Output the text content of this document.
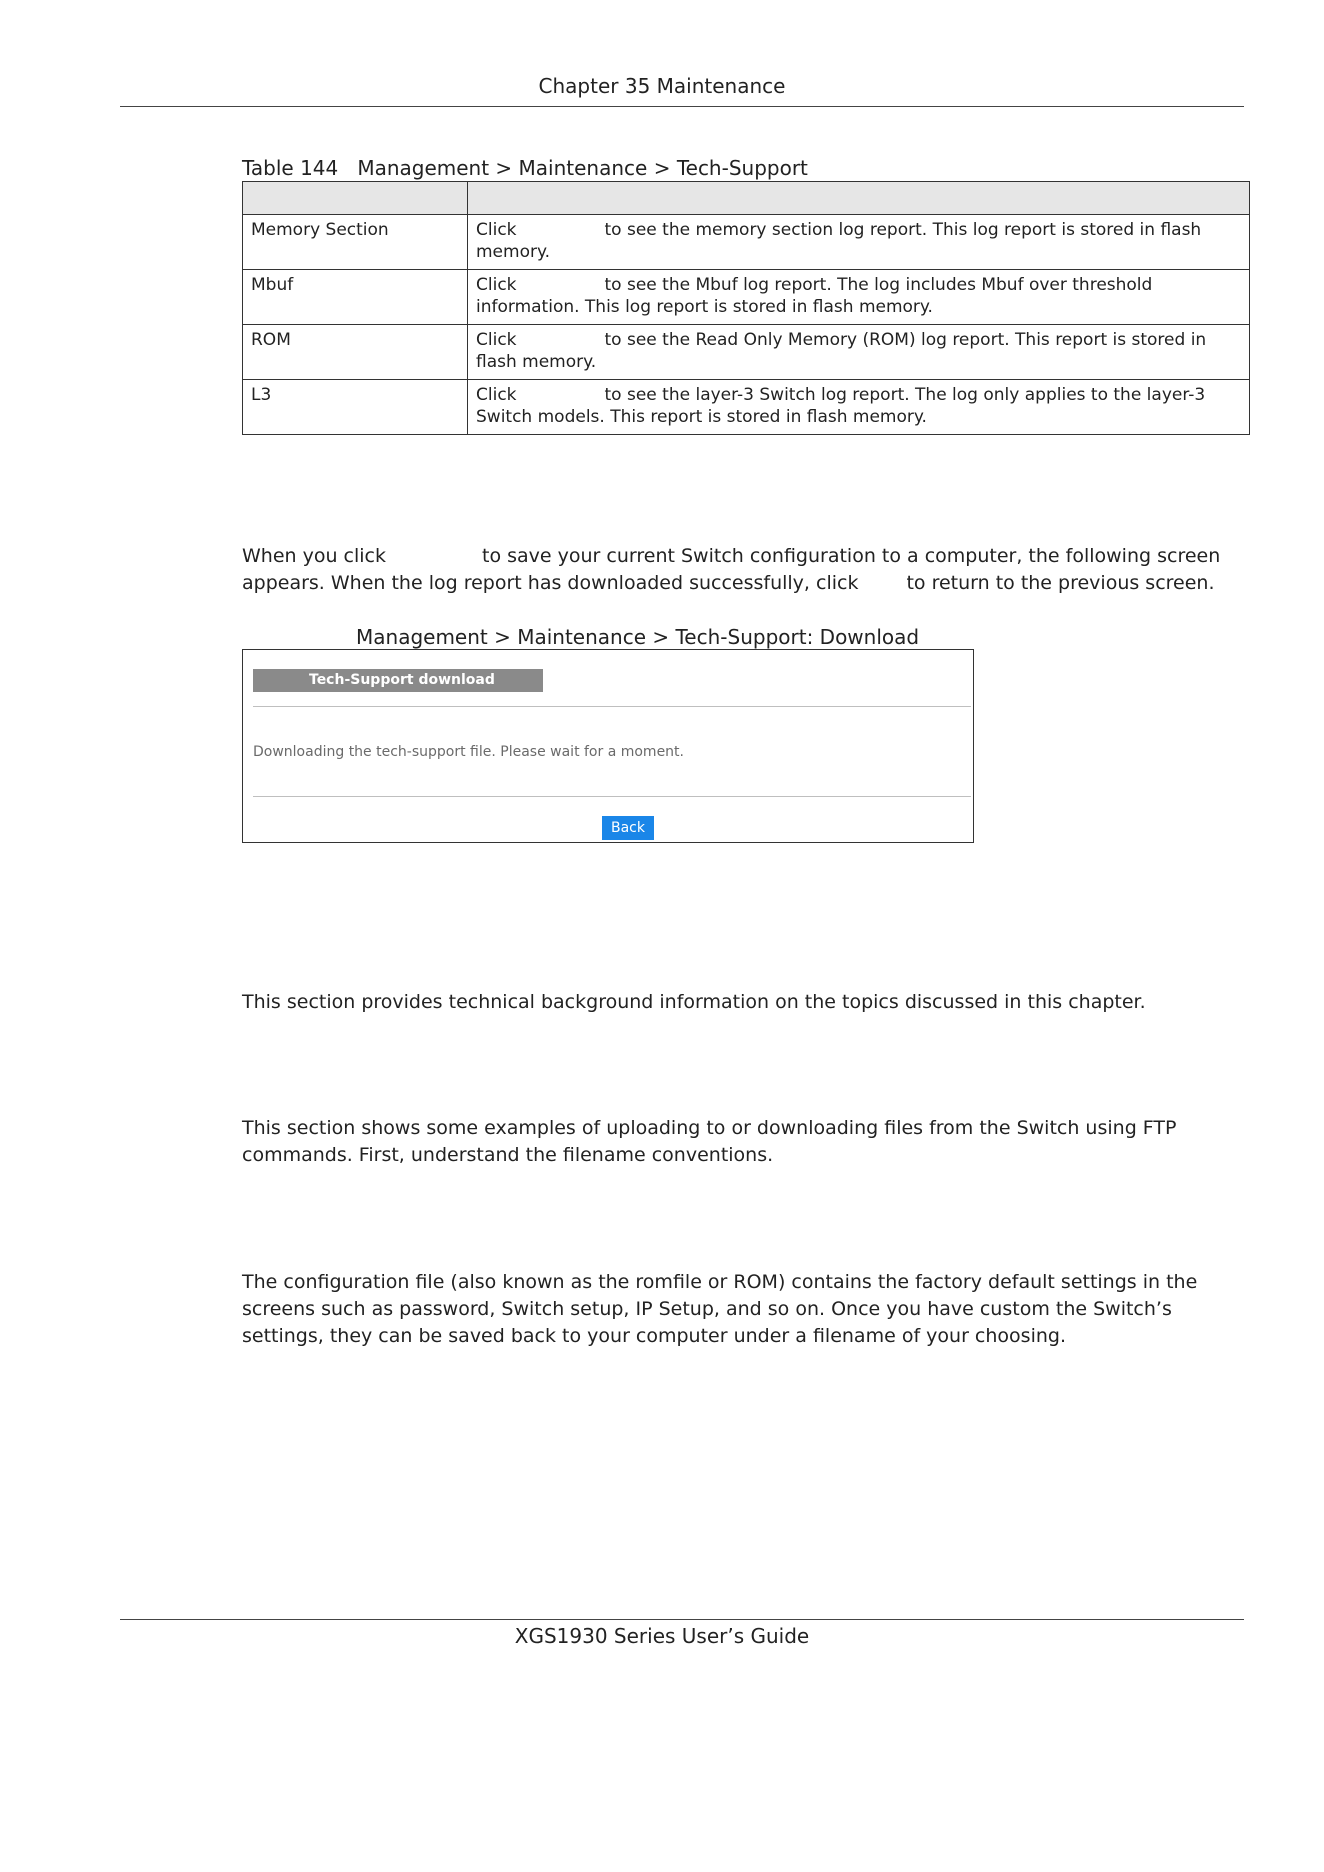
Chapter 35 Maintenance
Table 144   Management > Maintenance > Tech-Support

Memory Section	Click to see the memory section log report. This log report is stored in flash memory.
Mbuf	Click to see the Mbuf log report. The log includes Mbuf over threshold information. This log report is stored in flash memory.
ROM	Click to see the Read Only Memory (ROM) log report. This report is stored in flash memory.
L3	Click to see the layer-3 Switch log report. The log only applies to the layer-3 Switch models. This report is stored in flash memory.
When you click	to save your current Switch configuration to a computer, the following screen appears. When the log report has downloaded successfully, click	to return to the previous screen.
Management > Maintenance > Tech-Support: Download
Tech-Support download
Downloading the tech-support file. Please wait for a moment.
Back
This section provides technical background information on the topics discussed in this chapter.
This section shows some examples of uploading to or downloading files from the Switch using FTP commands. First, understand the filename conventions.
The configuration file (also known as the romfile or ROM) contains the factory default settings in the screens such as password, Switch setup, IP Setup, and so on. Once you have custom the Switch’s settings, they can be saved back to your computer under a filename of your choosing.
XGS1930 Series User’s Guide
